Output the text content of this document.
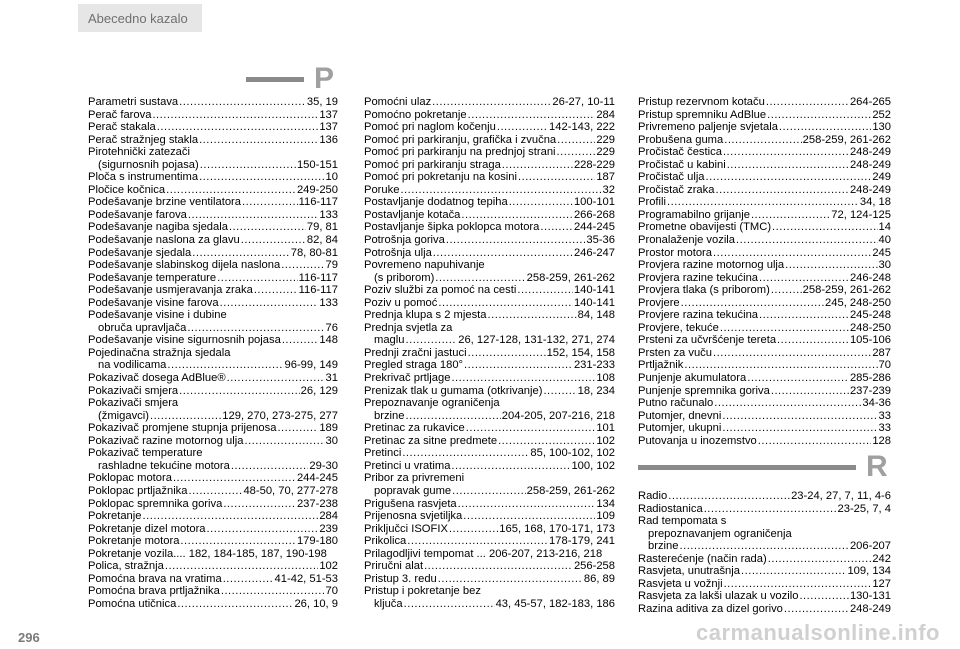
Abecedno kazalo
P
Parametri sustava .....	35, 19
Perač farova .....	137
Perač stakala .....	137
Perač stražnjeg stakla .....	136
Pirotehnički zatezači
(sigurnosnih pojasa) .....	150-151
Ploča s instrumentima .....	10
Pločice kočnica .....	249-250
Podešavanje brzine ventilatora .....	116-117
Podešavanje farova .....	133
Podešavanje nagiba sjedala .....	79, 81
Podešavanje naslona za glavu .....	82, 84
Podešavanje sjedala .....	78, 80-81
Podešavanje slabinskog dijela naslona .....	79
Podešavanje temperature .....	116-117
Podešavanje usmjeravanja zraka .....	116-117
Podešavanje visine farova .....	133
Podešavanje visine i dubine
obruča upravljača .....	76
Podešavanje visine sigurnosnih pojasa .....	148
Pojedinačna stražnja sjedala
na vodilicama .....	96-99, 149
Pokazivač dosega AdBlue® .....	31
Pokazivači smjera .....	26, 129
Pokazivači smjera
(žmigavci) .....	129, 270, 273-275, 277
Pokazivač promjene stupnja prijenosa .....	189
Pokazivač razine motornog ulja .....	30
Pokazivač temperature
rashladne tekućine motora .....	29-30
Poklopac motora .....	244-245
Poklopac prtljažnika .....	48-50, 70, 277-278
Poklopac spremnika goriva .....	237-238
Pokretanje .....	284
Pokretanje dizel motora .....	239
Pokretanje motora .....	179-180
Pokretanje vozila.... 182, 184-185, 187, 190-198
Polica, stražnja .....	102
Pomoćna brava na vratima .....	41-42, 51-53
Pomoćna brava prtljažnika .....	70
Pomoćna utičnica .....	26, 10, 9
Pomoćni ulaz .....	26-27, 10-11
Pomoćno pokretanje .....	284
Pomoć pri naglom kočenju .....	142-143, 222
Pomoć pri parkiranju, grafička i zvučna .....	229
Pomoć pri parkiranju na prednjoj strani .....	229
Pomoć pri parkiranju straga .....	228-229
Pomoć pri pokretanju na kosini .....	187
Poruke .....	32
Postavljanje dodatnog tepiha .....	100-101
Postavljanje kotača .....	266-268
Postavljanje šipka poklopca motora .....	244-245
Potrošnja goriva .....	35-36
Potrošnja ulja .....	246-247
Povremeno napuhivanje
(s priborom) .....	258-259, 261-262
Poziv službi za pomoć na cesti .....	140-141
Poziv u pomoć .....	140-141
Prednja klupa s 2 mjesta .....	84, 148
Prednja svjetla za
maglu .....	26, 127-128, 131-132, 271, 274
Prednji zračni jastuci .....	152, 154, 158
Pregled straga 180° .....	231-233
Prekrivač prtljage .....	108
Prenizak tlak u gumama (otkrivanje) .....	18, 234
Prepoznavanje ograničenja
brzine .....	204-205, 207-216, 218
Pretinac za rukavice .....	101
Pretinac za sitne predmete .....	102
Pretinci .....	85, 100-102, 102
Pretinci u vratima .....	100, 102
Pribor za privremeni
popravak gume .....	258-259, 261-262
Prigušena rasvjeta .....	134
Prijenosna svjetiljka .....	109
Priključci ISOFIX .....	165, 168, 170-171, 173
Prikolica .....	178-179, 241
Prilagodljivi tempomat ... 206-207, 213-216, 218
Priručni alat .....	256-258
Pristup 3. redu .....	86, 89
Pristup i pokretanje bez
ključa .....	43, 45-57, 182-183, 186
Pristup rezervnom kotaču .....	264-265
Pristup spremniku AdBlue .....	252
Privremeno paljenje svjetala .....	130
Probušena guma .....	258-259, 261-262
Pročistač čestica .....	248-249
Pročistač u kabini .....	248-249
Pročistač ulja .....	249
Pročistač zraka .....	248-249
Profili .....	34, 18
Programabilno grijanje .....	72, 124-125
Prometne obavijesti (TMC) .....	14
Pronalaženje vozila .....	40
Prostor motora .....	245
Provjera razine motornog ulja .....	30
Provjera razine tekućina .....	246-248
Provjera tlaka (s priborom) .....	258-259, 261-262
Provjere .....	245, 248-250
Provjere razina tekućina .....	245-248
Provjere, tekuće .....	248-250
Prsteni za učvršćenje tereta .....	105-106
Prsten za vuču .....	287
Prtljažnik .....	70
Punjenje akumulatora .....	285-286
Punjenje spremnika goriva .....	237-239
Putno računalo .....	34-36
Putomjer, dnevni .....	33
Putomjer, ukupni .....	33
Putovanja u inozemstvo .....	128
R
Radio .....	23-24, 27, 7, 11, 4-6
Radiostanica .....	23-25, 7, 4
Rad tempomata s
prepoznavanjem ograničenja
brzine .....	206-207
Rasterećenje (način rada) .....	242
Rasvjeta, unutrašnja .....	109, 134
Rasvjeta u vožnji .....	127
Rasvjeta za lakši ulazak u vozilo .....	130-131
Razina aditiva za dizel gorivo .....	248-249
296	carmanualsonline.info
